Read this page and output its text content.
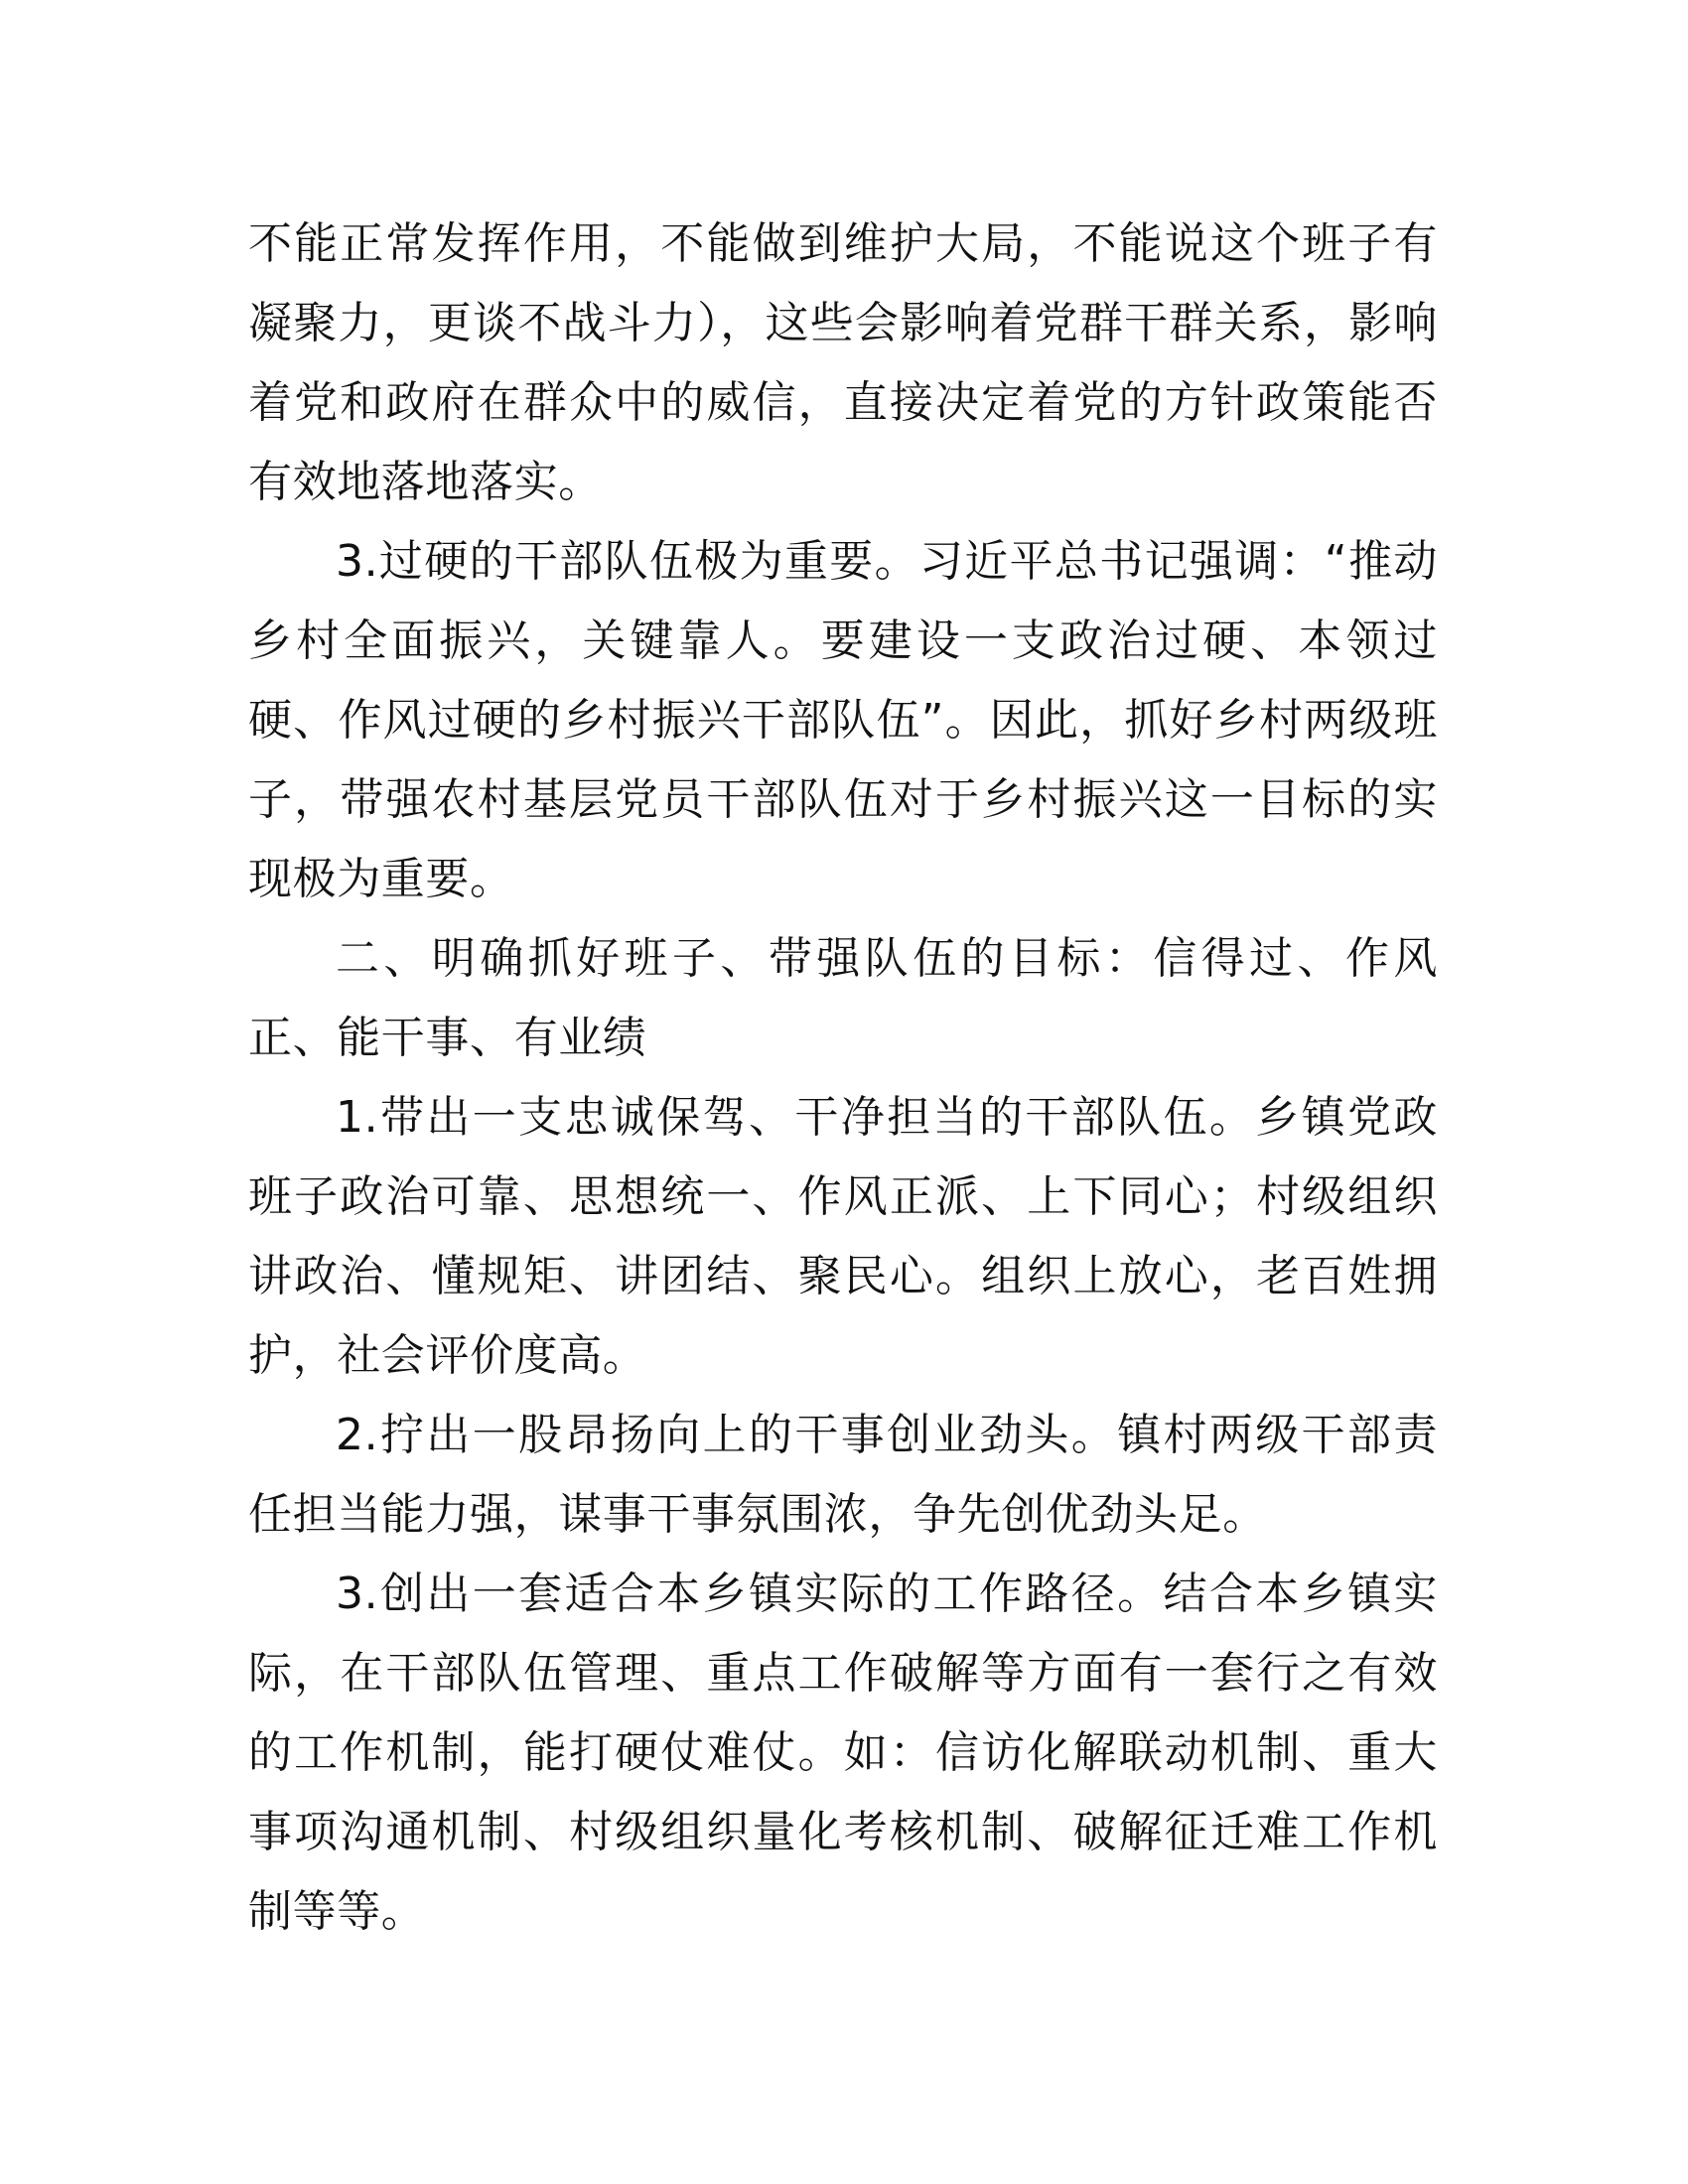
不能正常发挥作用，不能做到维护大局，不能说这个班子有凝聚力，更谈不战斗力），这些会影响着党群干群关系，影响着党和政府在群众中的威信，直接决定着党的方针政策能否有效地落地落实。

3.过硬的干部队伍极为重要。习近平总书记强调：“推动乡村全面振兴，关键靠人。要建设一支政治过硬、本领过硬、作风过硬的乡村振兴干部队伍”。因此，抓好乡村两级班子，带强农村基层党员干部队伍对于乡村振兴这一目标的实现极为重要。

二、明确抓好班子、带强队伍的目标：信得过、作风正、能干事、有业绩

1.带出一支忠诚保驾、干净担当的干部队伍。乡镇党政班子政治可靠、思想统一、作风正派、上下同心；村级组织讲政治、懂规矩、讲团结、聚民心。组织上放心，老百姓拥护，社会评价度高。

2.拧出一股昂扬向上的干事创业劲头。镇村两级干部责任担当能力强，谋事干事氛围浓，争先创优劲头足。

3.创出一套适合本乡镇实际的工作路径。结合本乡镇实际，在干部队伍管理、重点工作破解等方面有一套行之有效的工作机制，能打硬仗难仗。如：信访化解联动机制、重大事项沟通机制、村级组织量化考核机制、破解征迁难工作机制等等。
